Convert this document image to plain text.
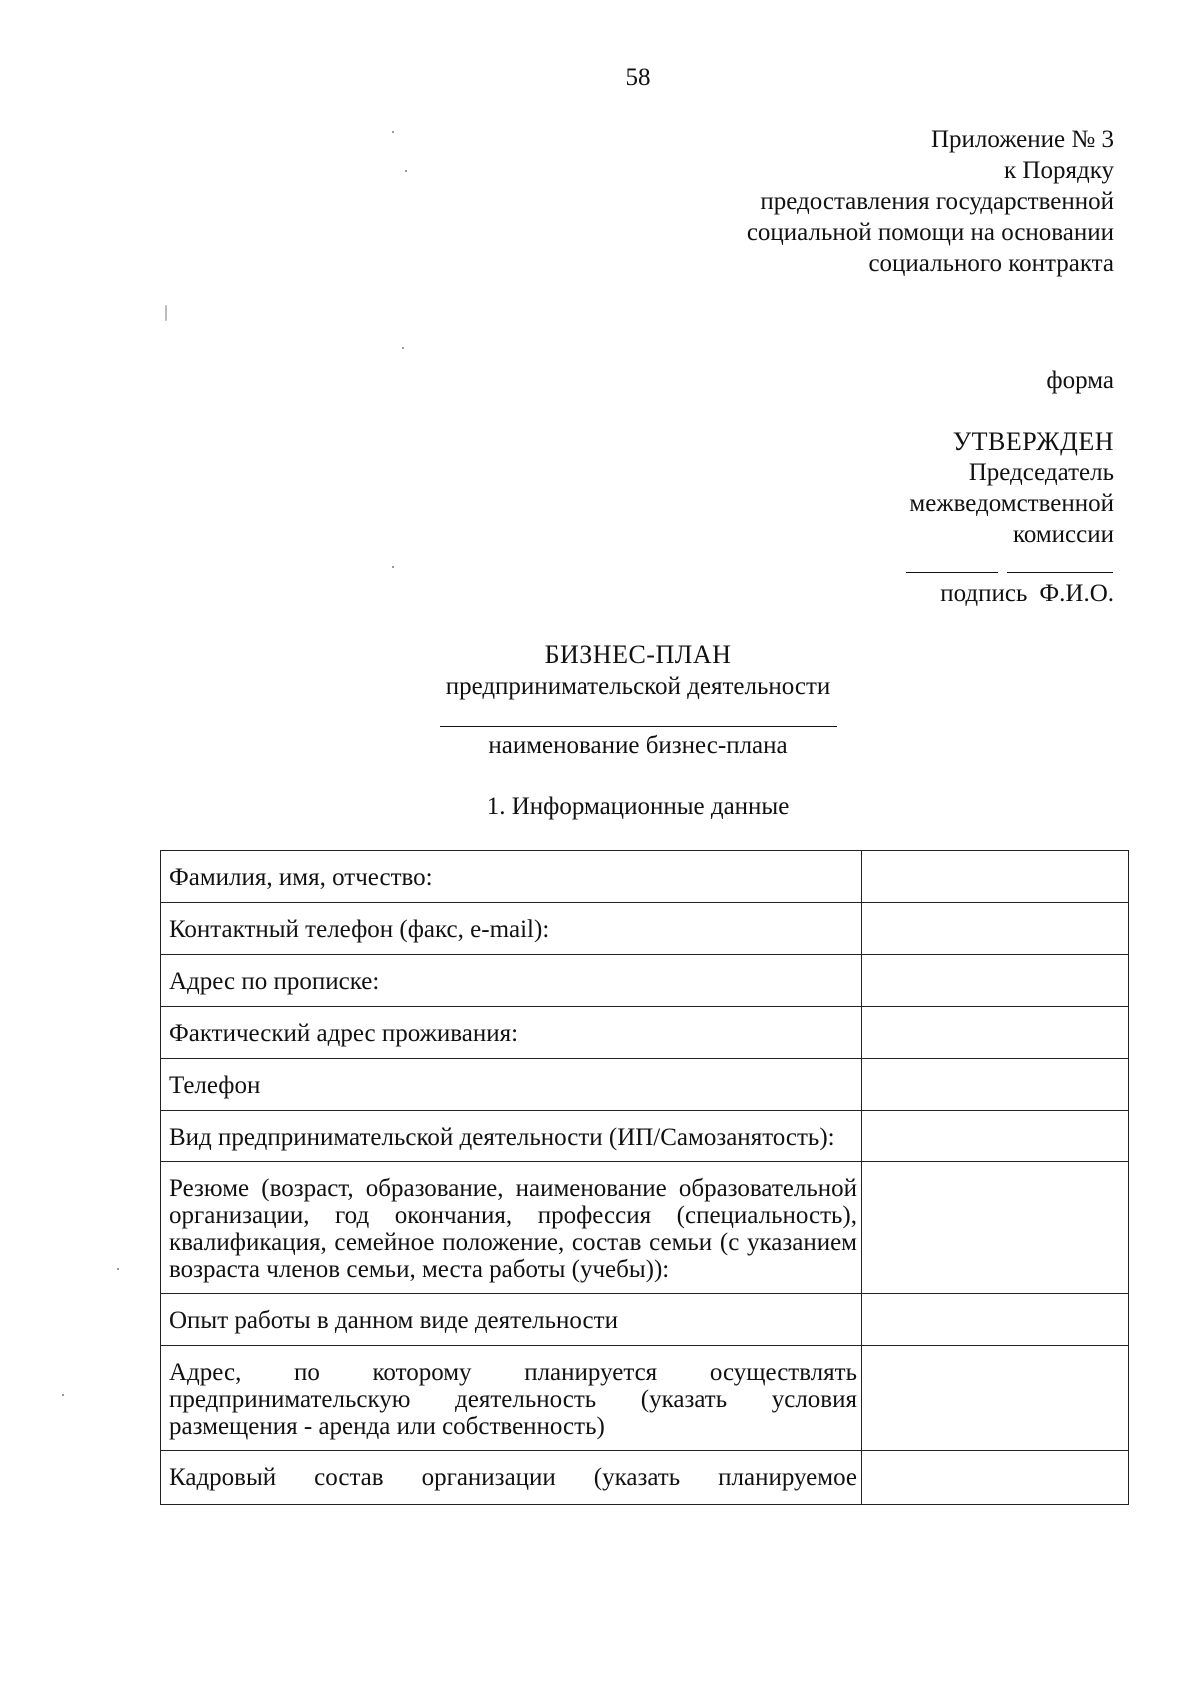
58
Приложение № 3
к Порядку
предоставления государственной
социальной помощи на основании
социального контракта
форма
УТВЕРЖДЕН
Председатель
межведомственной
комиссии
подпись Ф.И.О.
БИЗНЕС-ПЛАН
предпринимательской деятельности
наименование бизнес-плана
1. Информационные данные
Фамилия, имя, отчество:	
Контактный телефон (факс, e-mail):	
Адрес по прописке:	
Фактический адрес проживания:	
Телефон	
Вид предпринимательской деятельности (ИП/Самозанятость):	
Резюме (возраст, образование, наименование образовательной организации, год окончания, профессия (специальность), квалификация, семейное положение, состав семьи (с указанием возраста членов семьи, места работы (учебы)):	
Опыт работы в данном виде деятельности	
Адрес, по которому планируется осуществлять предпринимательскую деятельность (указать условия размещения - аренда или собственность)	
Кадровый состав организации (указать планируемое	
